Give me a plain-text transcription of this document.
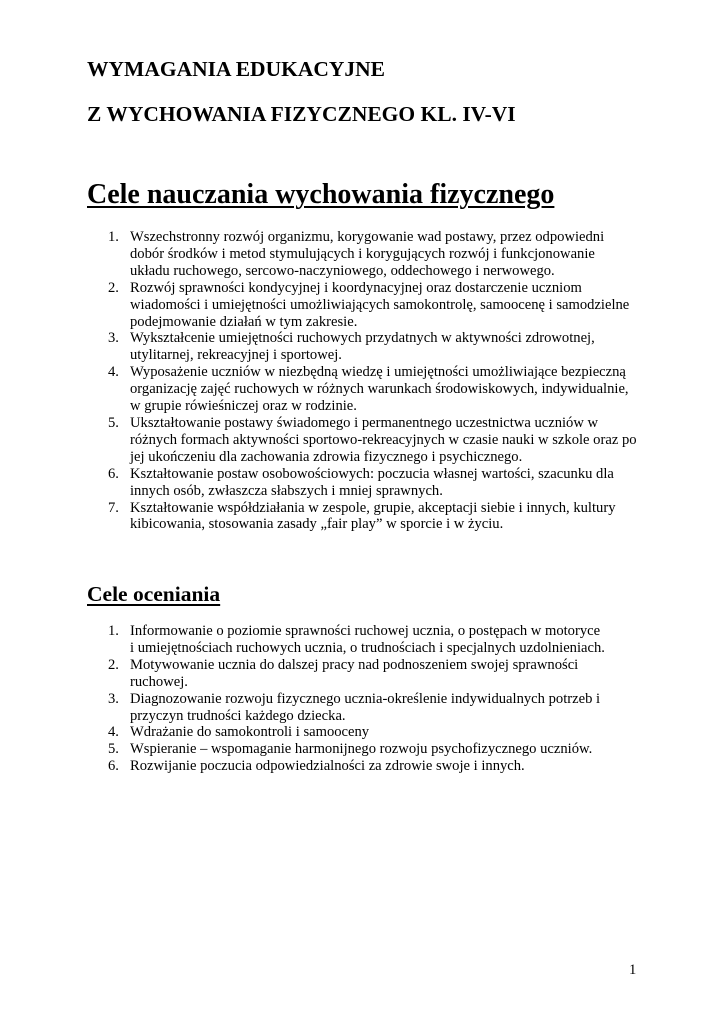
WYMAGANIA EDUKACYJNE
Z WYCHOWANIA FIZYCZNEGO KL. IV-VI
Cele nauczania wychowania fizycznego
1. Wszechstronny rozwój organizmu, korygowanie wad postawy, przez odpowiedni
dobór środków i metod stymulujących i korygujących rozwój i funkcjonowanie
układu ruchowego, sercowo-naczyniowego, oddechowego i nerwowego.
2. Rozwój sprawności kondycyjnej i koordynacyjnej oraz dostarczenie uczniom
wiadomości i umiejętności umożliwiających samokontrolę, samoocenę i samodzielne
podejmowanie działań w tym zakresie.
3. Wykształcenie umiejętności ruchowych przydatnych w aktywności zdrowotnej,
utylitarnej, rekreacyjnej i sportowej.
4. Wyposażenie uczniów w niezbędną wiedzę i umiejętności umożliwiające bezpieczną
organizację zajęć ruchowych w różnych warunkach środowiskowych, indywidualnie,
w grupie rówieśniczej oraz w rodzinie.
5. Ukształtowanie postawy świadomego i permanentnego uczestnictwa uczniów w
różnych formach aktywności sportowo-rekreacyjnych w czasie nauki w szkole oraz po
jej ukończeniu dla zachowania zdrowia fizycznego i psychicznego.
6. Kształtowanie postaw osobowościowych: poczucia własnej wartości, szacunku dla
innych osób, zwłaszcza słabszych i mniej sprawnych.
7. Kształtowanie współdziałania w zespole, grupie, akceptacji siebie i innych, kultury
kibicowania, stosowania zasady „fair play” w sporcie i w życiu.
Cele oceniania
1. Informowanie o poziomie sprawności ruchowej ucznia, o postępach w motoryce
i umiejętnościach ruchowych ucznia, o trudnościach i specjalnych uzdolnieniach.
2. Motywowanie ucznia do dalszej pracy nad podnoszeniem swojej sprawności
ruchowej.
3. Diagnozowanie rozwoju fizycznego ucznia-określenie indywidualnych potrzeb i
przyczyn trudności każdego dziecka.
4. Wdrażanie do samokontroli i samooceny
5. Wspieranie – wspomaganie harmonijnego rozwoju psychofizycznego uczniów.
6. Rozwijanie poczucia odpowiedzialności za zdrowie swoje i innych.
1
